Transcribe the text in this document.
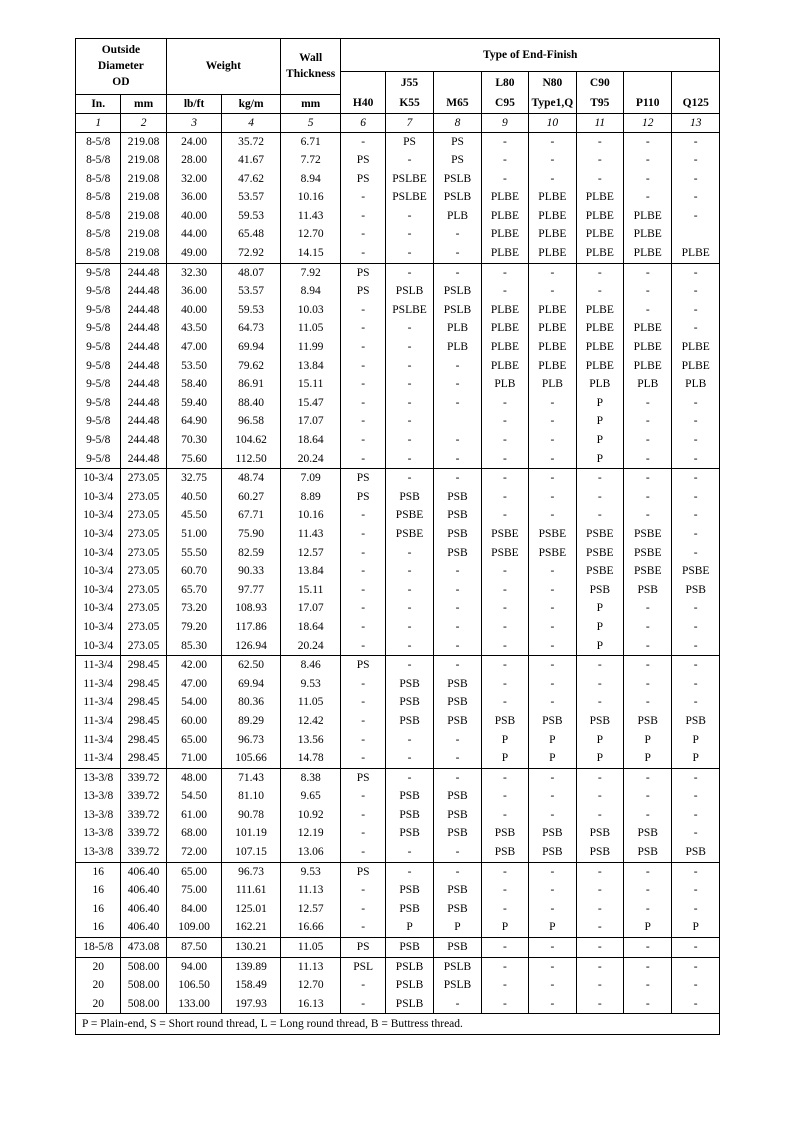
Outside
Diameter
OD		Weight		Wall
Thickness	Type of End-Finish							
						J55		L80	N80	C90		
In.	mm	lb/ft	kg/m	mm	H40	K55	M65	C95	Type1,Q	T95	P110	Q125
1	2	3	4	5	6	7	8	9	10	11	12	13
8-5/8	219.08	24.00	35.72	6.71	-	PS	PS	-	-	-	-	-
8-5/8	219.08	28.00	41.67	7.72	PS	-	PS	-	-	-	-	-
8-5/8	219.08	32.00	47.62	8.94	PS	PSLBE	PSLB	-	-	-	-	-
8-5/8	219.08	36.00	53.57	10.16	-	PSLBE	PSLB	PLBE	PLBE	PLBE	-	-
8-5/8	219.08	40.00	59.53	11.43	-	-	PLB	PLBE	PLBE	PLBE	PLBE	-
8-5/8	219.08	44.00	65.48	12.70	-	-	-	PLBE	PLBE	PLBE	PLBE	
8-5/8	219.08	49.00	72.92	14.15	-	-	-	PLBE	PLBE	PLBE	PLBE	PLBE
9-5/8	244.48	32.30	48.07	7.92	PS	-	-	-	-	-	-	-
9-5/8	244.48	36.00	53.57	8.94	PS	PSLB	PSLB	-	-	-	-	-
9-5/8	244.48	40.00	59.53	10.03	-	PSLBE	PSLB	PLBE	PLBE	PLBE	-	-
9-5/8	244.48	43.50	64.73	11.05	-	-	PLB	PLBE	PLBE	PLBE	PLBE	-
9-5/8	244.48	47.00	69.94	11.99	-	-	PLB	PLBE	PLBE	PLBE	PLBE	PLBE
9-5/8	244.48	53.50	79.62	13.84	-	-	-	PLBE	PLBE	PLBE	PLBE	PLBE
9-5/8	244.48	58.40	86.91	15.11	-	-	-	PLB	PLB	PLB	PLB	PLB
9-5/8	244.48	59.40	88.40	15.47	-	-	-	-	-	P	-	-
9-5/8	244.48	64.90	96.58	17.07	-	-		-	-	P	-	-
9-5/8	244.48	70.30	104.62	18.64	-	-	-	-	-	P	-	-
9-5/8	244.48	75.60	112.50	20.24	-	-	-	-	-	P	-	-
10-3/4	273.05	32.75	48.74	7.09	PS	-	-	-	-	-	-	-
10-3/4	273.05	40.50	60.27	8.89	PS	PSB	PSB	-	-	-	-	-
10-3/4	273.05	45.50	67.71	10.16	-	PSBE	PSB	-	-	-	-	-
10-3/4	273.05	51.00	75.90	11.43	-	PSBE	PSB	PSBE	PSBE	PSBE	PSBE	-
10-3/4	273.05	55.50	82.59	12.57	-	-	PSB	PSBE	PSBE	PSBE	PSBE	-
10-3/4	273.05	60.70	90.33	13.84	-	-	-	-	-	PSBE	PSBE	PSBE
10-3/4	273.05	65.70	97.77	15.11	-	-	-	-	-	PSB	PSB	PSB
10-3/4	273.05	73.20	108.93	17.07	-	-	-	-	-	P	-	-
10-3/4	273.05	79.20	117.86	18.64	-	-	-	-	-	P	-	-
10-3/4	273.05	85.30	126.94	20.24	-	-	-	-	-	P	-	-
11-3/4	298.45	42.00	62.50	8.46	PS	-	-	-	-	-	-	-
11-3/4	298.45	47.00	69.94	9.53	-	PSB	PSB	-	-	-	-	-
11-3/4	298.45	54.00	80.36	11.05	-	PSB	PSB	-	-	-	-	-
11-3/4	298.45	60.00	89.29	12.42	-	PSB	PSB	PSB	PSB	PSB	PSB	PSB
11-3/4	298.45	65.00	96.73	13.56	-	-	-	P	P	P	P	P
11-3/4	298.45	71.00	105.66	14.78	-	-	-	P	P	P	P	P
13-3/8	339.72	48.00	71.43	8.38	PS	-	-	-	-	-	-	-
13-3/8	339.72	54.50	81.10	9.65	-	PSB	PSB	-	-	-	-	-
13-3/8	339.72	61.00	90.78	10.92	-	PSB	PSB	-	-	-	-	-
13-3/8	339.72	68.00	101.19	12.19	-	PSB	PSB	PSB	PSB	PSB	PSB	-
13-3/8	339.72	72.00	107.15	13.06	-	-	-	PSB	PSB	PSB	PSB	PSB
16	406.40	65.00	96.73	9.53	PS	-	-	-	-	-	-	-
16	406.40	75.00	111.61	11.13	-	PSB	PSB	-	-	-	-	-
16	406.40	84.00	125.01	12.57	-	PSB	PSB	-	-	-	-	-
16	406.40	109.00	162.21	16.66	-	P	P	P	P	-	P	P
18-5/8	473.08	87.50	130.21	11.05	PS	PSB	PSB	-	-	-	-	-
20	508.00	94.00	139.89	11.13	PSL	PSLB	PSLB	-	-	-	-	-
20	508.00	106.50	158.49	12.70	-	PSLB	PSLB	-	-	-	-	-
20	508.00	133.00	197.93	16.13	-	PSLB	-	-	-	-	-	-
P = Plain-end, S = Short round thread, L = Long round thread, B = Buttress thread.												
